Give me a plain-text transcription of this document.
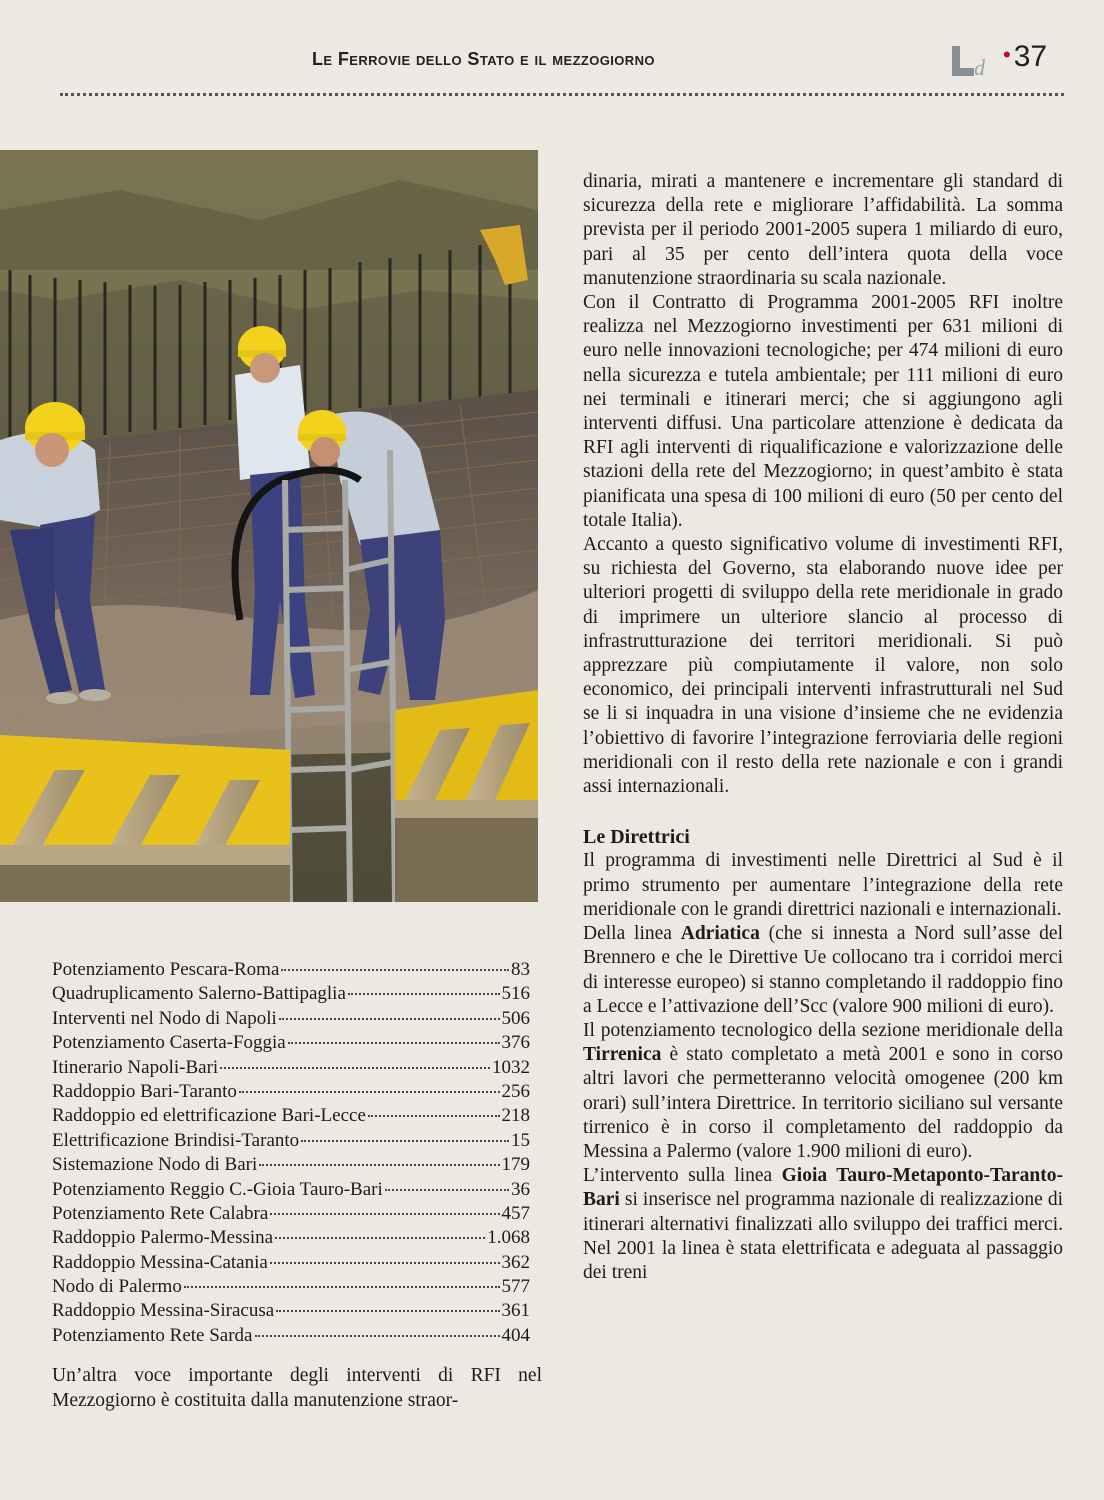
Le Ferrovie dello Stato e il mezzogiorno	d
• 37
Potenziamento Pescara-Roma	83
Quadruplicamento Salerno-Battipaglia	516
Interventi nel Nodo di Napoli	506
Potenziamento Caserta-Foggia	376
Itinerario Napoli-Bari	1032
Raddoppio Bari-Taranto	256
Raddoppio ed elettrificazione Bari-Lecce	218
Elettrificazione Brindisi-Taranto	15
Sistemazione Nodo di Bari	179
Potenziamento Reggio C.-Gioia Tauro-Bari	36
Potenziamento Rete Calabra	457
Raddoppio Palermo-Messina	1.068
Raddoppio Messina-Catania	362
Nodo di Palermo	577
Raddoppio Messina-Siracusa	361
Potenziamento Rete Sarda	404
Un’altra voce importante degli interventi di RFI nel Mezzogiorno è costituita dalla manutenzione straor-

dinaria, mirati a mantenere e incrementare gli standard di sicurezza della rete e migliorare l’affidabilità. La somma prevista per il periodo 2001-2005 supera 1 miliardo di euro, pari al 35 per cento dell’intera quota della voce manutenzione straordinaria su scala nazionale.

Con il Contratto di Programma 2001-2005 RFI inoltre realizza nel Mezzogiorno investimenti per 631 milioni di euro nelle innovazioni tecnologiche; per 474 milioni di euro nella sicurezza e tutela ambientale; per 111 milioni di euro nei terminali e itinerari merci; che si aggiungono agli interventi diffusi. Una particolare attenzione è dedicata da RFI agli interventi di riqualificazione e valorizzazione delle stazioni della rete del Mezzogiorno; in quest’ambito è stata pianificata una spesa di 100 milioni di euro (50 per cento del totale Italia).

Accanto a questo significativo volume di investimenti RFI, su richiesta del Governo, sta elaborando nuove idee per ulteriori progetti di sviluppo della rete meridionale in grado di imprimere un ulteriore slancio al processo di infrastrutturazione dei territori meridionali. Si può apprezzare più compiutamente il valore, non solo economico, dei principali interventi infrastrutturali nel Sud se li si inquadra in una visione d’insieme che ne evidenzia l’obiettivo di favorire l’integrazione ferroviaria delle regioni meridionali con il resto della rete nazionale e con i grandi assi internazionali.

Le Direttrici

Il programma di investimenti nelle Direttrici al Sud è il primo strumento per aumentare l’integrazione della rete meridionale con le grandi direttrici nazionali e internazionali.

Della linea Adriatica (che si innesta a Nord sull’asse del Brennero e che le Direttive Ue collocano tra i corridoi merci di interesse europeo) si stanno completando il raddoppio fino a Lecce e l’attivazione dell’Scc (valore 900 milioni di euro).

Il potenziamento tecnologico della sezione meridionale della Tirrenica è stato completato a metà 2001 e sono in corso altri lavori che permetteranno velocità omogenee (200 km orari) sull’intera Direttrice. In territorio siciliano sul versante tirrenico è in corso il completamento del raddoppio da Messina a Palermo (valore 1.900 milioni di euro).

L’intervento sulla linea Gioia Tauro-Metaponto-Taranto-Bari si inserisce nel programma nazionale di realizzazione di itinerari alternativi finalizzati allo sviluppo dei traffici merci. Nel 2001 la linea è stata elettrificata e adeguata al passaggio dei treni
